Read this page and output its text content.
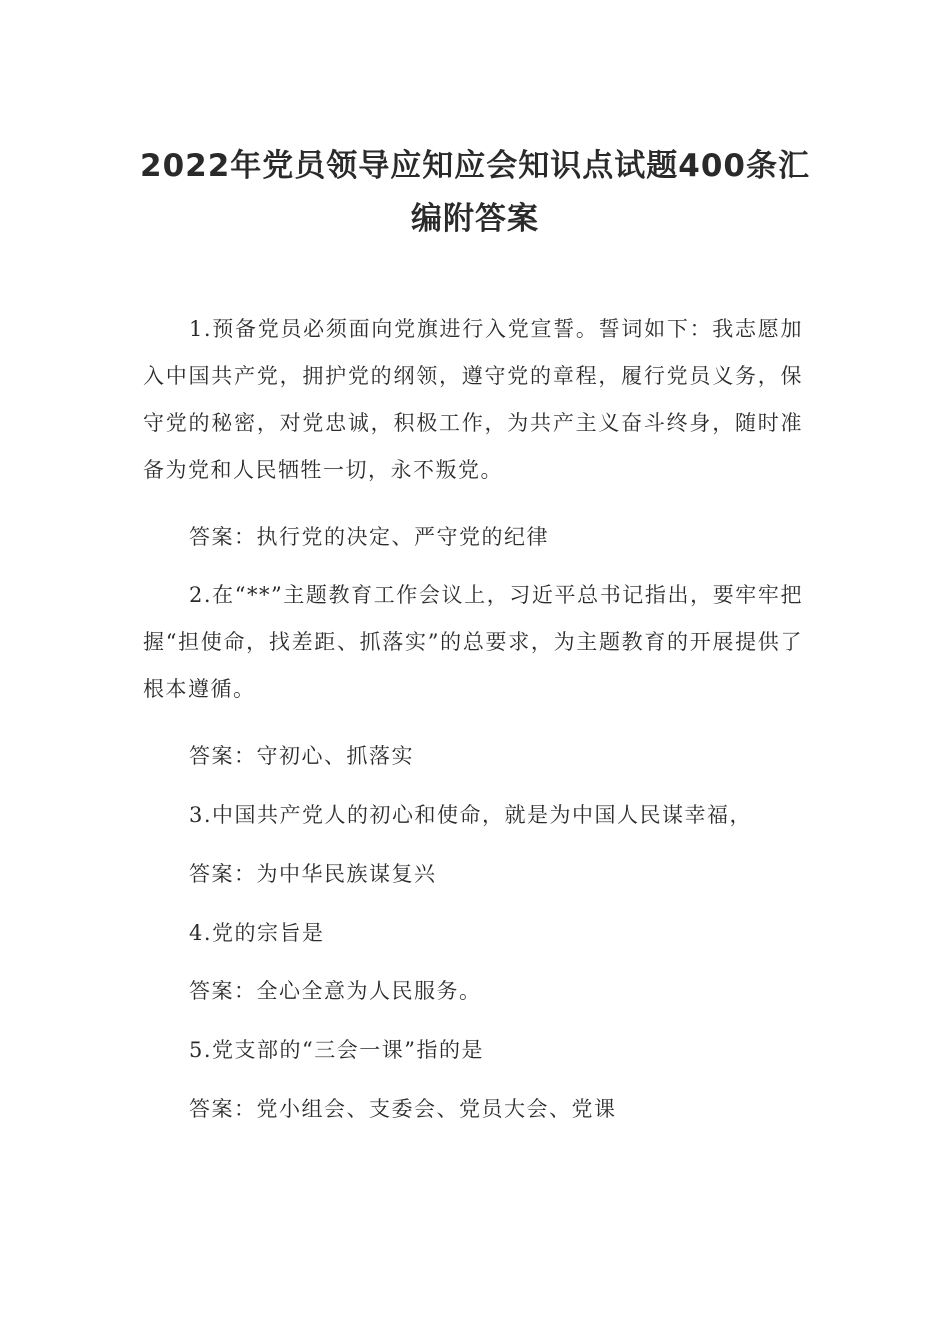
2022年党员领导应知应会知识点试题400条汇
编附答案
1.预备党员必须面向党旗进行入党宣誓。誓词如下：我志愿加入中国共产党，拥护党的纲领，遵守党的章程，履行党员义务，保守党的秘密，对党忠诚，积极工作，为共产主义奋斗终身，随时准备为党和人民牺牲一切，永不叛党。
答案：执行党的决定、严守党的纪律
2.在“**”主题教育工作会议上，习近平总书记指出，要牢牢把握“担使命，找差距、抓落实”的总要求，为主题教育的开展提供了根本遵循。
答案：守初心、抓落实
3.中国共产党人的初心和使命，就是为中国人民谋幸福，
答案：为中华民族谋复兴
4.党的宗旨是
答案：全心全意为人民服务。
5.党支部的“三会一课”指的是
答案：党小组会、支委会、党员大会、党课
